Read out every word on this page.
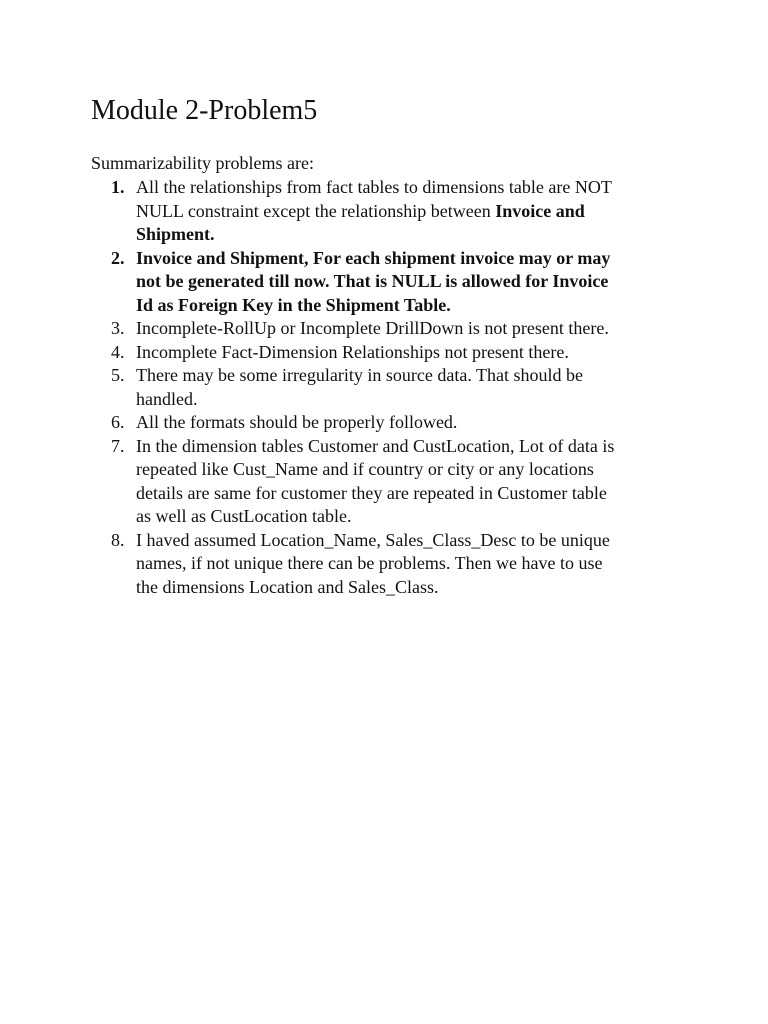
Module 2-Problem5

Summarizability problems are:

1. All the relationships from fact tables to dimensions table are NOT
NULL constraint except the relationship between Invoice and
Shipment.
2. Invoice and Shipment, For each shipment invoice may or may
not be generated till now. That is NULL is allowed for Invoice
Id as Foreign Key in the Shipment Table.
3. Incomplete-RollUp or Incomplete DrillDown is not present there.
4. Incomplete Fact-Dimension Relationships not present there.
5. There may be some irregularity in source data. That should be
handled.
6. All the formats should be properly followed.
7. In the dimension tables Customer and CustLocation, Lot of data is
repeated like Cust_Name and if country or city or any locations
details are same for customer they are repeated in Customer table
as well as CustLocation table.
8. I haved assumed Location_Name, Sales_Class_Desc to be unique
names, if not unique there can be problems. Then we have to use
the dimensions Location and Sales_Class.
